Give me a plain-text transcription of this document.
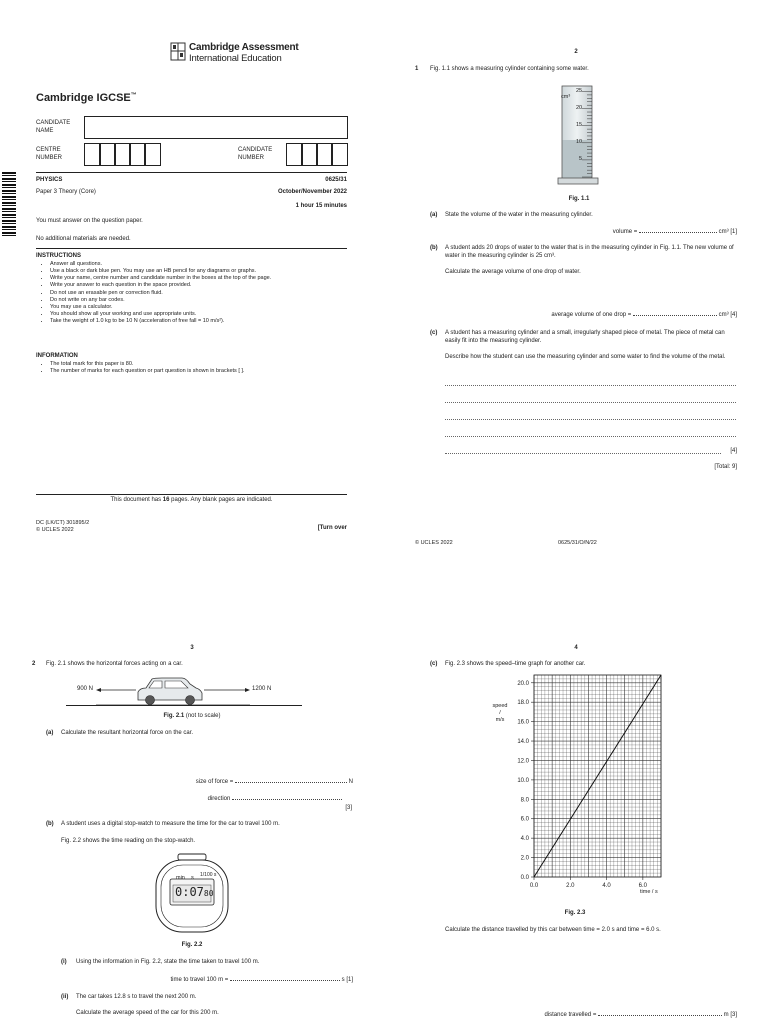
Cambridge Assessment
International Education
Cambridge IGCSE™
CANDIDATE NAME
CENTRE NUMBER
CANDIDATE NUMBER
PHYSICS	0625/31
Paper 3 Theory (Core)	October/November 2022
1 hour 15 minutes
You must answer on the question paper.
No additional materials are needed.
INSTRUCTIONS
• Answer all questions.
• Use a black or dark blue pen. You may use an HB pencil for any diagrams or graphs.
• Write your name, centre number and candidate number in the boxes at the top of the page.
• Write your answer to each question in the space provided.
• Do not use an erasable pen or correction fluid.
• Do not write on any bar codes.
• You may use a calculator.
• You should show all your working and use appropriate units.
• Take the weight of 1.0 kg to be 10 N (acceleration of free fall = 10 m/s²).
INFORMATION
• The total mark for this paper is 80.
• The number of marks for each question or part question is shown in brackets [ ].
This document has 16 pages. Any blank pages are indicated.
DC (LK/CT) 301895/2
© UCLES 2022	[Turn over
2
1 Fig. 1.1 shows a measuring cylinder containing some water.
cm³
25
20
15
10
5
Fig. 1.1
(a) State the volume of the water in the measuring cylinder.
volume =	cm³ [1]
(b) A student adds 20 drops of water to the water that is in the measuring cylinder in Fig. 1.1. The new volume of water in the measuring cylinder is 25 cm³.
Calculate the average volume of one drop of water.
average volume of one drop =	cm³ [4]
(c) A student has a measuring cylinder and a small, irregularly shaped piece of metal. The piece of metal can easily fit into the measuring cylinder.
Describe how the student can use the measuring cylinder and some water to find the volume of the metal.
[4]
[Total: 9]
© UCLES 2022	0625/31/O/N/22
3
2 Fig. 2.1 shows the horizontal forces acting on a car.
900 N	1200 N
Fig. 2.1 (not to scale)
(a) Calculate the resultant horizontal force on the car.
size of force =	N
direction
[3]
(b) A student uses a digital stop-watch to measure the time for the car to travel 100 m.
Fig. 2.2 shows the time reading on the stop-watch.
min s 1/100 s
0:0780
Fig. 2.2
(i) Using the information in Fig. 2.2, state the time taken to travel 100 m.
time to travel 100 m =	s [1]
(ii) The car takes 12.8 s to travel the next 200 m.
Calculate the average speed of the car for this 200 m.
4
(c) Fig. 2.3 shows the speed–time graph for another car.
0.0
2.0
4.0
6.0
8.0
10.0
12.0
14.0
16.0
18.0
20.0
0.0	2.0	4.0	6.0
speed / m/s
time / s
Fig. 2.3
Calculate the distance travelled by this car between time = 2.0 s and time = 6.0 s.
distance travelled =	m [3]
